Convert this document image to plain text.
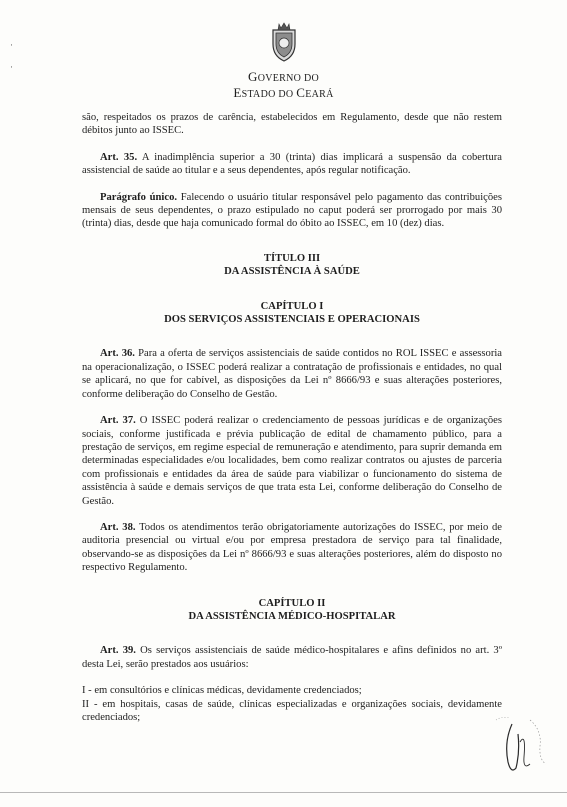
·
·
GOVERNO DO
ESTADO DO CEARÁ

são, respeitados os prazos de carência, estabelecidos em Regulamento, desde que não restem débitos junto ao ISSEC.

Art. 35. A inadimplência superior a 30 (trinta) dias implicará a suspensão da cobertura assistencial de saúde ao titular e a seus dependentes, após regular notificação.

Parágrafo único. Falecendo o usuário titular responsável pelo pagamento das contribuições mensais de seus dependentes, o prazo estipulado no caput poderá ser prorrogado por mais 30 (trinta) dias, desde que haja comunicado formal do óbito ao ISSEC, em 10 (dez) dias.

TÍTULO III

DA ASSISTÊNCIA À SAÚDE

CAPÍTULO I

DOS SERVIÇOS ASSISTENCIAIS E OPERACIONAIS

Art. 36. Para a oferta de serviços assistenciais de saúde contidos no ROL ISSEC e assessoria na operacionalização, o ISSEC poderá realizar a contratação de profissionais e entidades, no qual se aplicará, no que for cabível, as disposições da Lei nº 8666/93 e suas alterações posteriores, conforme deliberação do Conselho de Gestão.

Art. 37. O ISSEC poderá realizar o credenciamento de pessoas jurídicas e de organizações sociais, conforme justificada e prévia publicação de edital de chamamento público, para a prestação de serviços, em regime especial de remuneração e atendimento, para suprir demanda em determinadas especialidades e/ou localidades, bem como realizar contratos ou ajustes de parceria com profissionais e entidades da área de saúde para viabilizar o funcionamento do sistema de assistência à saúde e demais serviços de que trata esta Lei, conforme deliberação do Conselho de Gestão.

Art. 38. Todos os atendimentos terão obrigatoriamente autorizações do ISSEC, por meio de auditoria presencial ou virtual e/ou por empresa prestadora de serviço para tal finalidade, observando-se as disposições da Lei nº 8666/93 e suas alterações posteriores, além do disposto no respectivo Regulamento.

CAPÍTULO II

DA ASSISTÊNCIA MÉDICO-HOSPITALAR

Art. 39. Os serviços assistenciais de saúde médico-hospitalares e afins definidos no art. 3º desta Lei, serão prestados aos usuários:

I - em consultórios e clínicas médicas, devidamente credenciados;

II - em hospitais, casas de saúde, clínicas especializadas e organizações sociais, devidamente credenciados;
